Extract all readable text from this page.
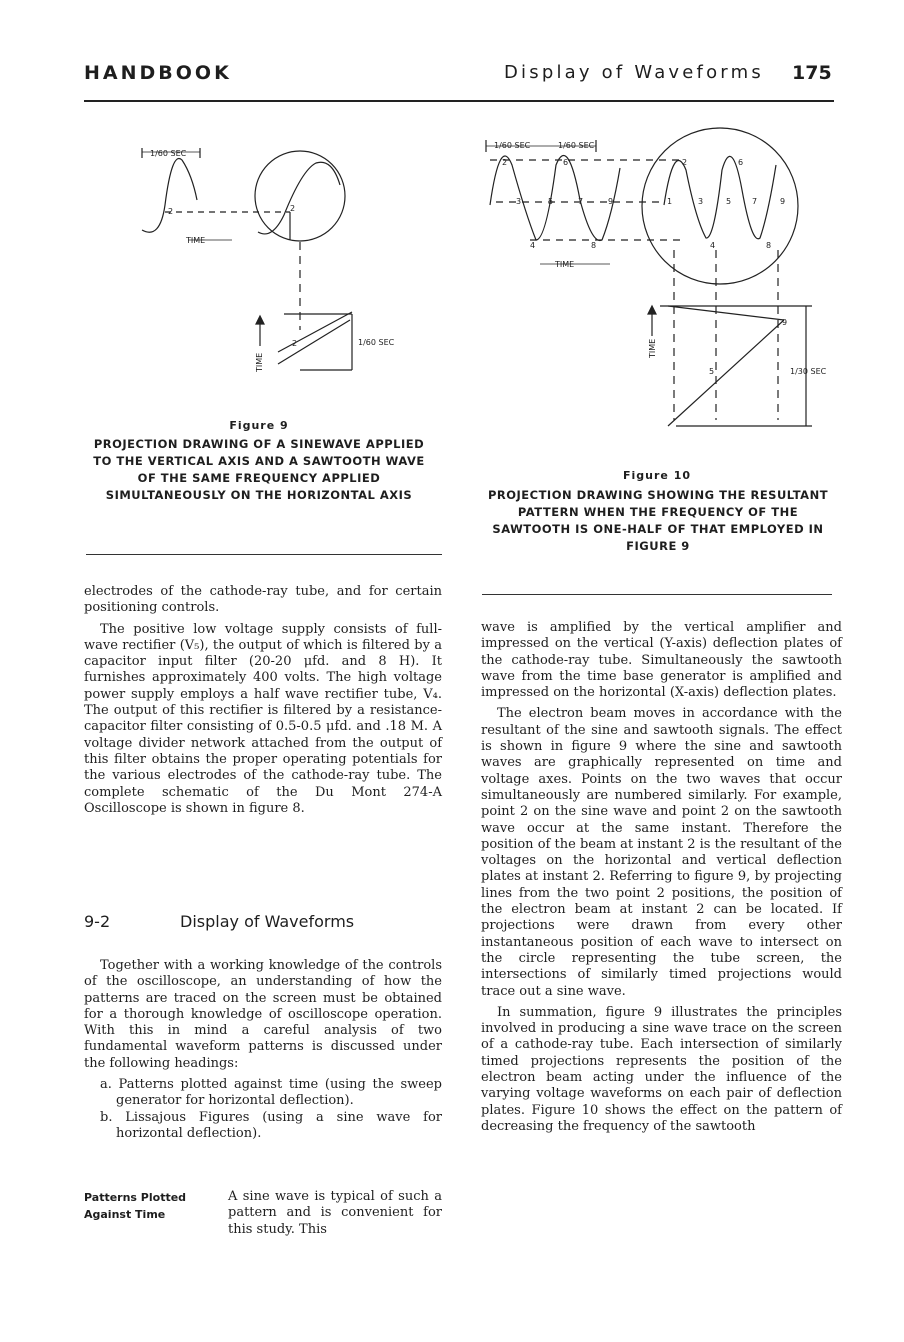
HANDBOOK	Display of Waveforms 175
1/60 SEC
TIME
1/60 SEC
2	2
2
TIME
Figure 9
PROJECTION DRAWING OF A SINEWAVE APPLIED TO THE VERTICAL AXIS AND A SAWTOOTH WAVE OF THE SAME FREQUENCY APPLIED SIMULTANEOUSLY ON THE HORIZONTAL AXIS
1/60 SEC	1/60 SEC
TIME
TIME
1/30 SEC
2
3
4
5
6
7
8
9	1
2
3
4
5
6
7
8
9
5
9
Figure 10
PROJECTION DRAWING SHOWING THE RESULTANT PATTERN WHEN THE FREQUENCY OF THE SAWTOOTH IS ONE-HALF OF THAT EMPLOYED IN FIGURE 9

electrodes of the cathode-ray tube, and for certain positioning controls.

The positive low voltage supply consists of full-wave rectifier (V₅), the output of which is filtered by a capacitor input filter (20-20 μfd. and 8 H). It furnishes approximately 400 volts. The high voltage power supply employs a half wave rectifier tube, V₄. The output of this rectifier is filtered by a resistance-capacitor filter consisting of 0.5-0.5 μfd. and .18 M. A voltage divider network attached from the output of this filter obtains the proper operating potentials for the various electrodes of the cathode-ray tube. The complete schematic of the Du Mont 274-A Oscilloscope is shown in figure 8.

9-2	Display of Waveforms

Together with a working knowledge of the controls of the oscilloscope, an understanding of how the patterns are traced on the screen must be obtained for a thorough knowledge of oscilloscope operation. With this in mind a careful analysis of two fundamental waveform patterns is discussed under the following headings:

a. Patterns plotted against time (using the sweep generator for horizontal deflection).

b. Lissajous Figures (using a sine wave for horizontal deflection).

Patterns Plotted Against Time
A sine wave is typical of such a pattern and is convenient for this study. This

wave is amplified by the vertical amplifier and impressed on the vertical (Y-axis) deflection plates of the cathode-ray tube. Simultaneously the sawtooth wave from the time base generator is amplified and impressed on the horizontal (X-axis) deflection plates.

The electron beam moves in accordance with the resultant of the sine and sawtooth signals. The effect is shown in figure 9 where the sine and sawtooth waves are graphically represented on time and voltage axes. Points on the two waves that occur simultaneously are numbered similarly. For example, point 2 on the sine wave and point 2 on the sawtooth wave occur at the same instant. Therefore the position of the beam at instant 2 is the resultant of the voltages on the horizontal and vertical deflection plates at instant 2. Referring to figure 9, by projecting lines from the two point 2 positions, the position of the electron beam at instant 2 can be located. If projections were drawn from every other instantaneous position of each wave to intersect on the circle representing the tube screen, the intersections of similarly timed projections would trace out a sine wave.

In summation, figure 9 illustrates the principles involved in producing a sine wave trace on the screen of a cathode-ray tube. Each intersection of similarly timed projections represents the position of the electron beam acting under the influence of the varying voltage waveforms on each pair of deflection plates. Figure 10 shows the effect on the pattern of decreasing the frequency of the sawtooth
